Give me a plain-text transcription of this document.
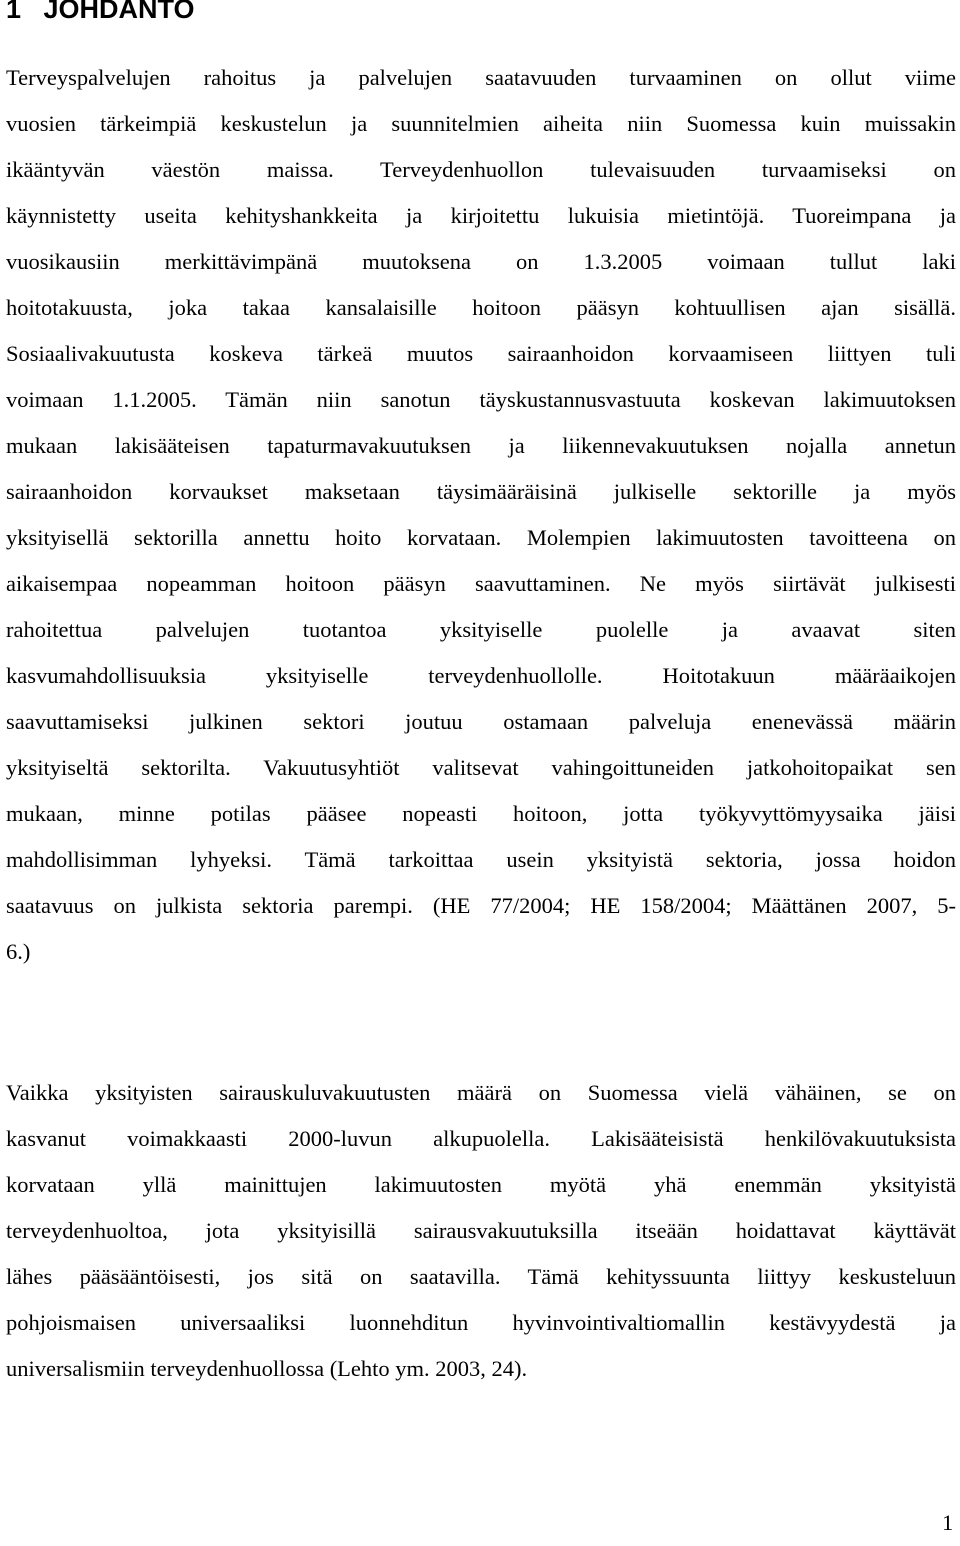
1   JOHDANTO

Terveyspalvelujen rahoitus ja palvelujen saatavuuden turvaaminen on ollut viime
vuosien tärkeimpiä keskustelun ja suunnitelmien aiheita niin Suomessa kuin muissakin
ikääntyvän väestön maissa. Terveydenhuollon tulevaisuuden turvaamiseksi on
käynnistetty useita kehityshankkeita ja kirjoitettu lukuisia mietintöjä. Tuoreimpana ja
vuosikausiin merkittävimpänä muutoksena on 1.3.2005 voimaan tullut laki
hoitotakuusta, joka takaa kansalaisille hoitoon pääsyn kohtuullisen ajan sisällä.
Sosiaalivakuutusta koskeva tärkeä muutos sairaanhoidon korvaamiseen liittyen tuli
voimaan 1.1.2005. Tämän niin sanotun täyskustannusvastuuta koskevan lakimuutoksen
mukaan lakisääteisen tapaturmavakuutuksen ja liikennevakuutuksen nojalla annetun
sairaanhoidon korvaukset maksetaan täysimääräisinä julkiselle sektorille ja myös
yksityisellä sektorilla annettu hoito korvataan. Molempien lakimuutosten tavoitteena on
aikaisempaa nopeamman hoitoon pääsyn saavuttaminen. Ne myös siirtävät julkisesti
rahoitettua palvelujen tuotantoa yksityiselle puolelle ja avaavat siten
kasvumahdollisuuksia yksityiselle terveydenhuollolle. Hoitotakuun määräaikojen
saavuttamiseksi julkinen sektori joutuu ostamaan palveluja enenevässä määrin
yksityiseltä sektorilta. Vakuutusyhtiöt valitsevat vahingoittuneiden jatkohoitopaikat sen
mukaan, minne potilas pääsee nopeasti hoitoon, jotta työkyvyttömyysaika jäisi
mahdollisimman lyhyeksi. Tämä tarkoittaa usein yksityistä sektoria, jossa hoidon
saatavuus on julkista sektoria parempi. (HE 77/2004; HE 158/2004; Määttänen 2007, 5-
6.)

Vaikka yksityisten sairauskuluvakuutusten määrä on Suomessa vielä vähäinen, se on
kasvanut voimakkaasti 2000-luvun alkupuolella. Lakisääteisistä henkilövakuutuksista
korvataan yllä mainittujen lakimuutosten myötä yhä enemmän yksityistä
terveydenhuoltoa, jota yksityisillä sairausvakuutuksilla itseään hoidattavat käyttävät
lähes pääsääntöisesti, jos sitä on saatavilla. Tämä kehityssuunta liittyy keskusteluun
pohjoismaisen universaaliksi luonnehditun hyvinvointivaltiomallin kestävyydestä ja
universalismiin terveydenhuollossa (Lehto ym. 2003, 24).

1
